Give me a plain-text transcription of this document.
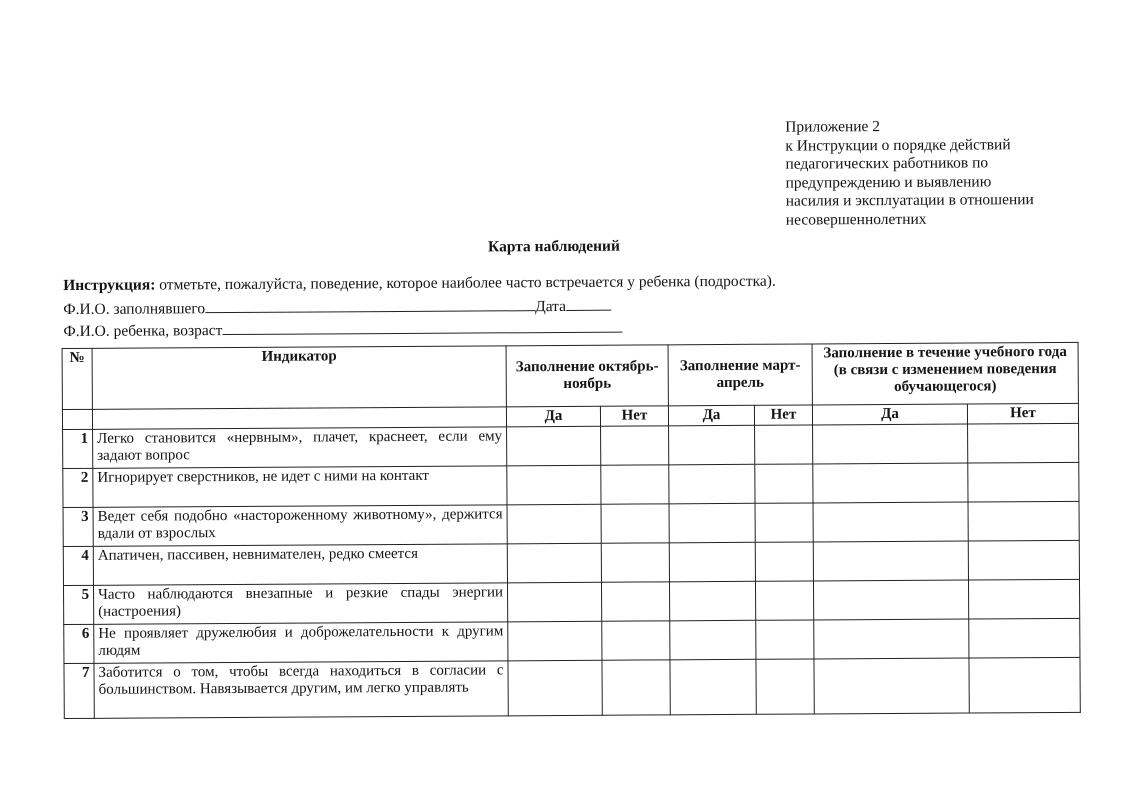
Приложение 2
к Инструкции о порядке действий
педагогических работников по
предупреждению и выявлению
насилия и эксплуатации в отношении
несовершеннолетних
Карта наблюдений
Инструкция: отметьте, пожалуйста, поведение, которое наиболее часто встречается у ребенка (подростка).
Ф.И.О. заполнявшего	Дата
Ф.И.О. ребенка, возраст
№	Индикатор	Заполнение октябрь-ноябрь		Заполнение март- апрель		Заполнение в течение учебного года (в связи с изменением поведения обучающегося)	
		Да	Нет	Да	Нет	Да	Нет
1	Легко становится «нервным», плачет, краснеет, если ему задают вопрос						
2	Игнорирует сверстников, не идет с ними на контакт						
3	Ведет себя подобно «настороженному животному», держится вдали от взрослых						
4	Апатичен, пассивен, невнимателен, редко смеется						
5	Часто наблюдаются внезапные и резкие спады энергии (настроения)						
6	Не проявляет дружелюбия и доброжелательности к другим людям						
7	Заботится о том, чтобы всегда находиться в согласии с большинством. Навязывается другим, им легко управлять						
